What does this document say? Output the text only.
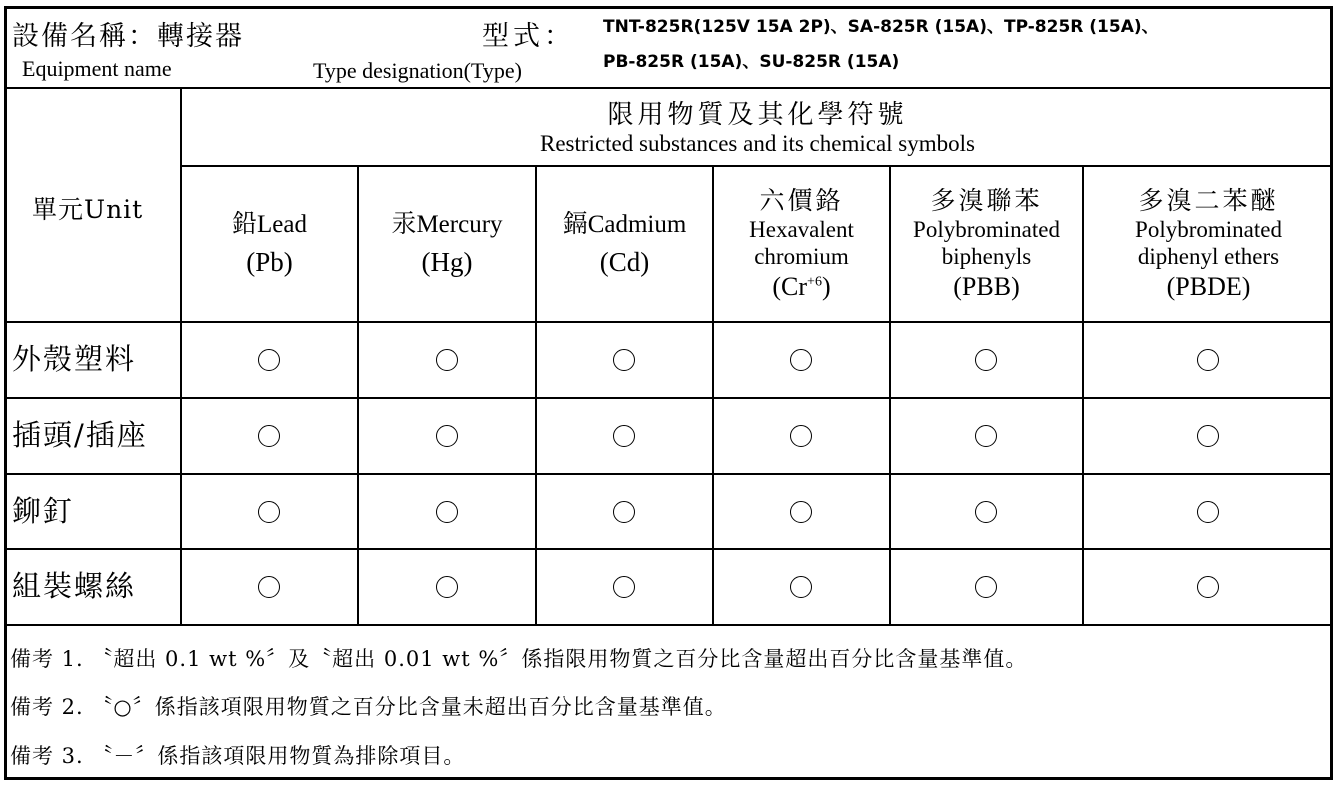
設備名稱：轉接器
Equipment name
型式：
Type designation(Type)
TNT-825R(125V 15A 2P)、SA-825R (15A)、TP-825R (15A)、
PB-825R (15A)、SU-825R (15A)
單元Unit
限用物質及其化學符號
Restricted substances and its chemical symbols
鉛Lead
(Pb)
汞Mercury
(Hg)
鎘Cadmium
(Cd)
六價鉻
Hexavalent
chromium
$(Cr^{+6})$
多溴聯苯
Polybrominated
biphenyls
(PBB)
多溴二苯醚
Polybrominated
diphenyl ethers
(PBDE)
外殼塑料
插頭/插座
鉚釘
組裝螺絲
備考 1. 〝超出 0.1 wt %〞及〝超出 0.01 wt %〞係指限用物質之百分比含量超出百分比含量基準值。
備考 2. 〝○〞係指該項限用物質之百分比含量未超出百分比含量基準值。
備考 3. 〝－〞係指該項限用物質為排除項目。
